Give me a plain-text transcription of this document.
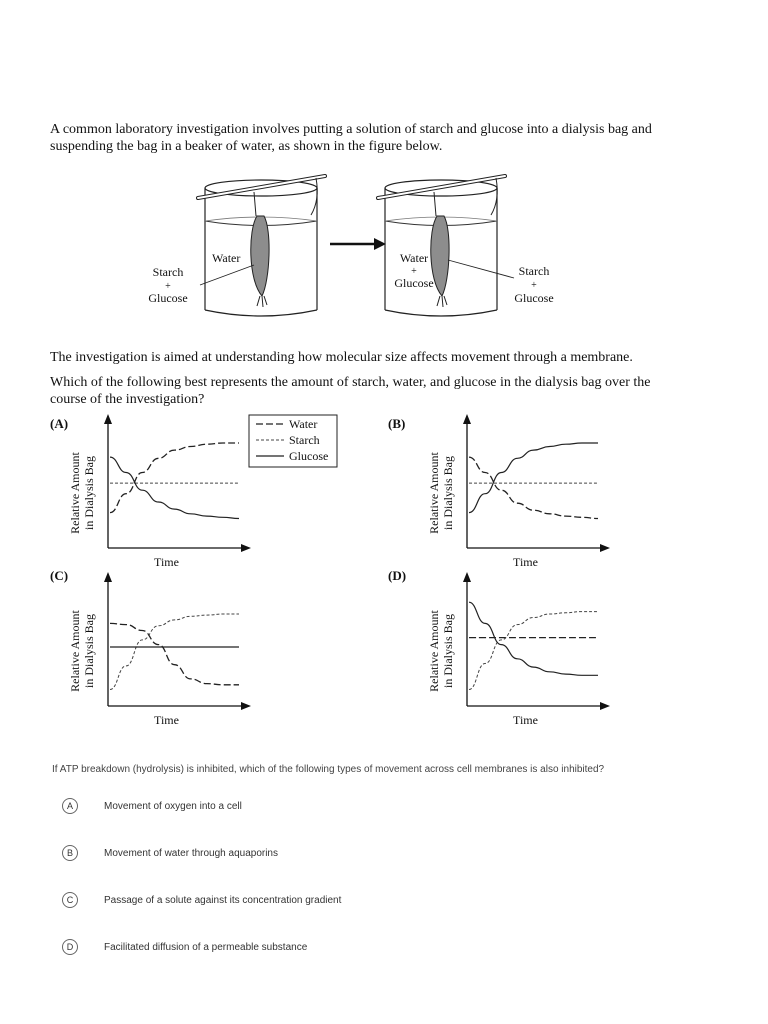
A common laboratory investigation involves putting a solution of starch and glucose into a dialysis bag and suspending the bag in a beaker of water, as shown in the figure below.
Water
Starch
+
Glucose
Water
+
Glucose
Starch
+
Glucose
The investigation is aimed at understanding how molecular size affects movement through a membrane.
Which of the following best represents the amount of starch, water, and glucose in the dialysis bag over the course of the investigation?
(A)
Relative Amount in Dialysis Bag
Time
(B)
Relative Amount in Dialysis Bag
Time
(C)
Relative Amount in Dialysis Bag
Time
(D)
Relative Amount in Dialysis Bag
Time
Water
Starch
Glucose
If ATP breakdown (hydrolysis) is inhibited, which of the following types of movement across cell membranes is also inhibited?
A	Movement of oxygen into a cell
B	Movement of water through aquaporins
C	Passage of a solute against its concentration gradient
D	Facilitated diffusion of a permeable substance
